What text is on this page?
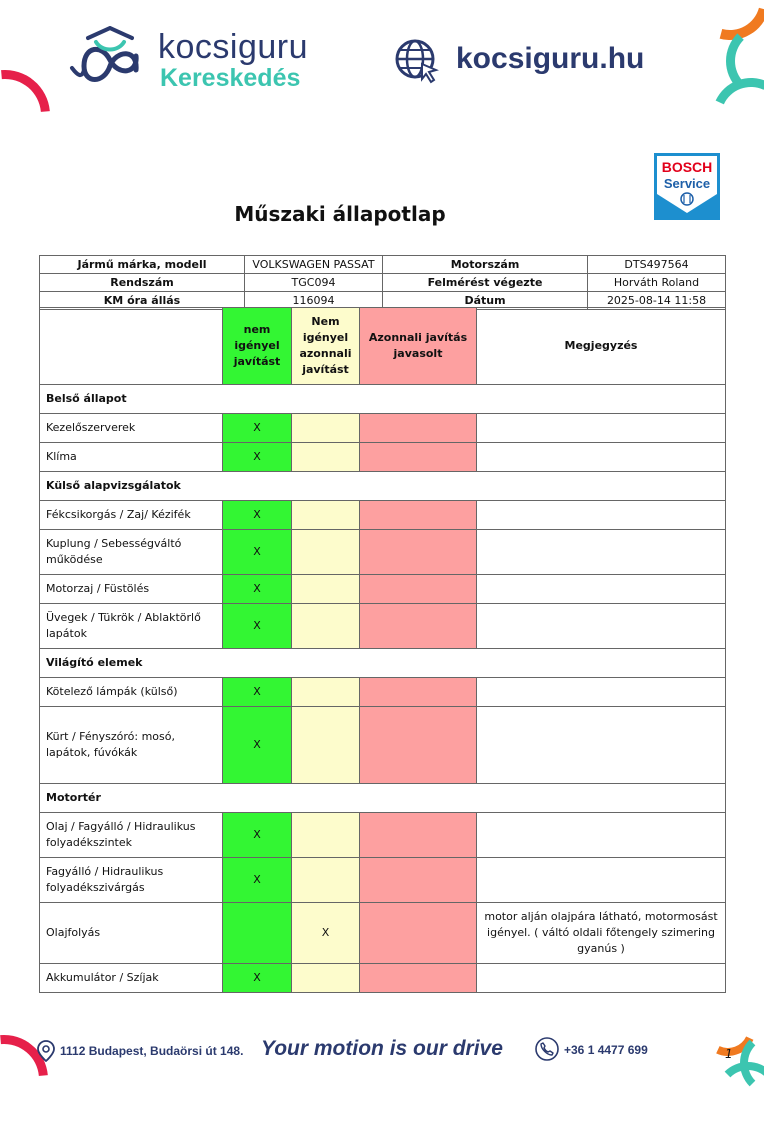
kocsiguru
Kereskedés
kocsiguru.hu
BOSCH
Service
Műszaki állapotlap
Jármű márka, modell	VOLKSWAGEN PASSAT	Motorszám	DTS497564
Rendszám	TGC094	Felmérést végezte	Horváth Roland
KM óra állás	116094	Dátum	2025-08-14 11:58
	nem igényel javítást	Nem igényel azonnali javítást	Azonnali javítás javasolt	Megjegyzés
Belső állapot				
Kezelőszerverek	X			
Klíma	X			
Külső alapvizsgálatok				
Fékcsikorgás / Zaj/ Kézifék	X			
Kuplung / Sebességváltó működése	X			
Motorzaj / Füstölés	X			
Üvegek / Tükrök / Ablaktörlő lapátok	X			
Világító elemek				
Kötelező lámpák (külső)	X			
Kürt / Fényszóró: mosó, lapátok, fúvókák	X			
Motortér				
Olaj / Fagyálló / Hidraulikus folyadékszintek	X			
Fagyálló / Hidraulikus folyadékszivárgás	X			
Olajfolyás		X		motor alján olajpára látható, motormosást igényel. ( váltó oldali főtengely szimering gyanús )
Akkumulátor / Szíjak	X			
1112 Budapest, Budaörsi út 148. Your motion is our drive	+36 1 4477 699	1
